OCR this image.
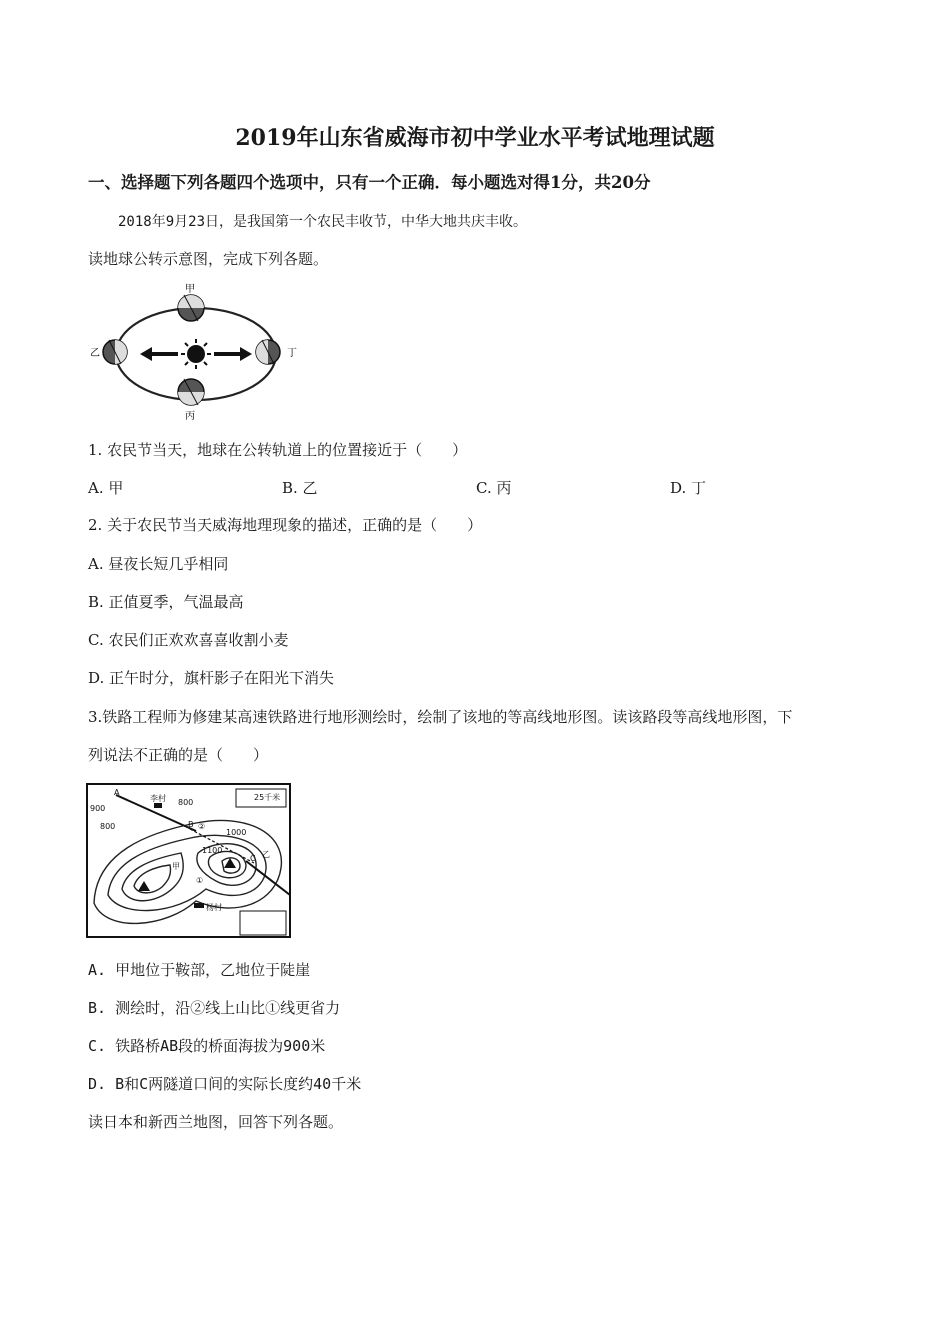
2019年山东省威海市初中学业水平考试地理试题
一、选择题下列各题四个选项中，只有一个正确．每小题选对得1分，共20分
2018年9月23日，是我国第一个农民丰收节，中华大地共庆丰收。
读地球公转示意图，完成下列各题。
甲
乙
丙
丁
1. 农民节当天，地球在公转轨道上的位置接近于（　　）
A. 甲	B. 乙	C. 丙	D. 丁
2. 关于农民节当天威海地理现象的描述，正确的是（　　）
A. 昼夜长短几乎相同
B. 正值夏季，气温最高
C. 农民们正欢欢喜喜收割小麦
D. 正午时分，旗杆影子在阳光下消失
3.铁路工程师为修建某高速铁路进行地形测绘时，绘制了该地的等高线地形图。读该路段等高线地形图，下
列说法不正确的是（　　）
900
800
800
1000
1100
李村
杨村
甲
乙
A
B
C
25千米
①
②
A. 甲地位于鞍部，乙地位于陡崖
B. 测绘时，沿②线上山比①线更省力
C. 铁路桥AB段的桥面海拔为900米
D. B和C两隧道口间的实际长度约40千米
读日本和新西兰地图，回答下列各题。
